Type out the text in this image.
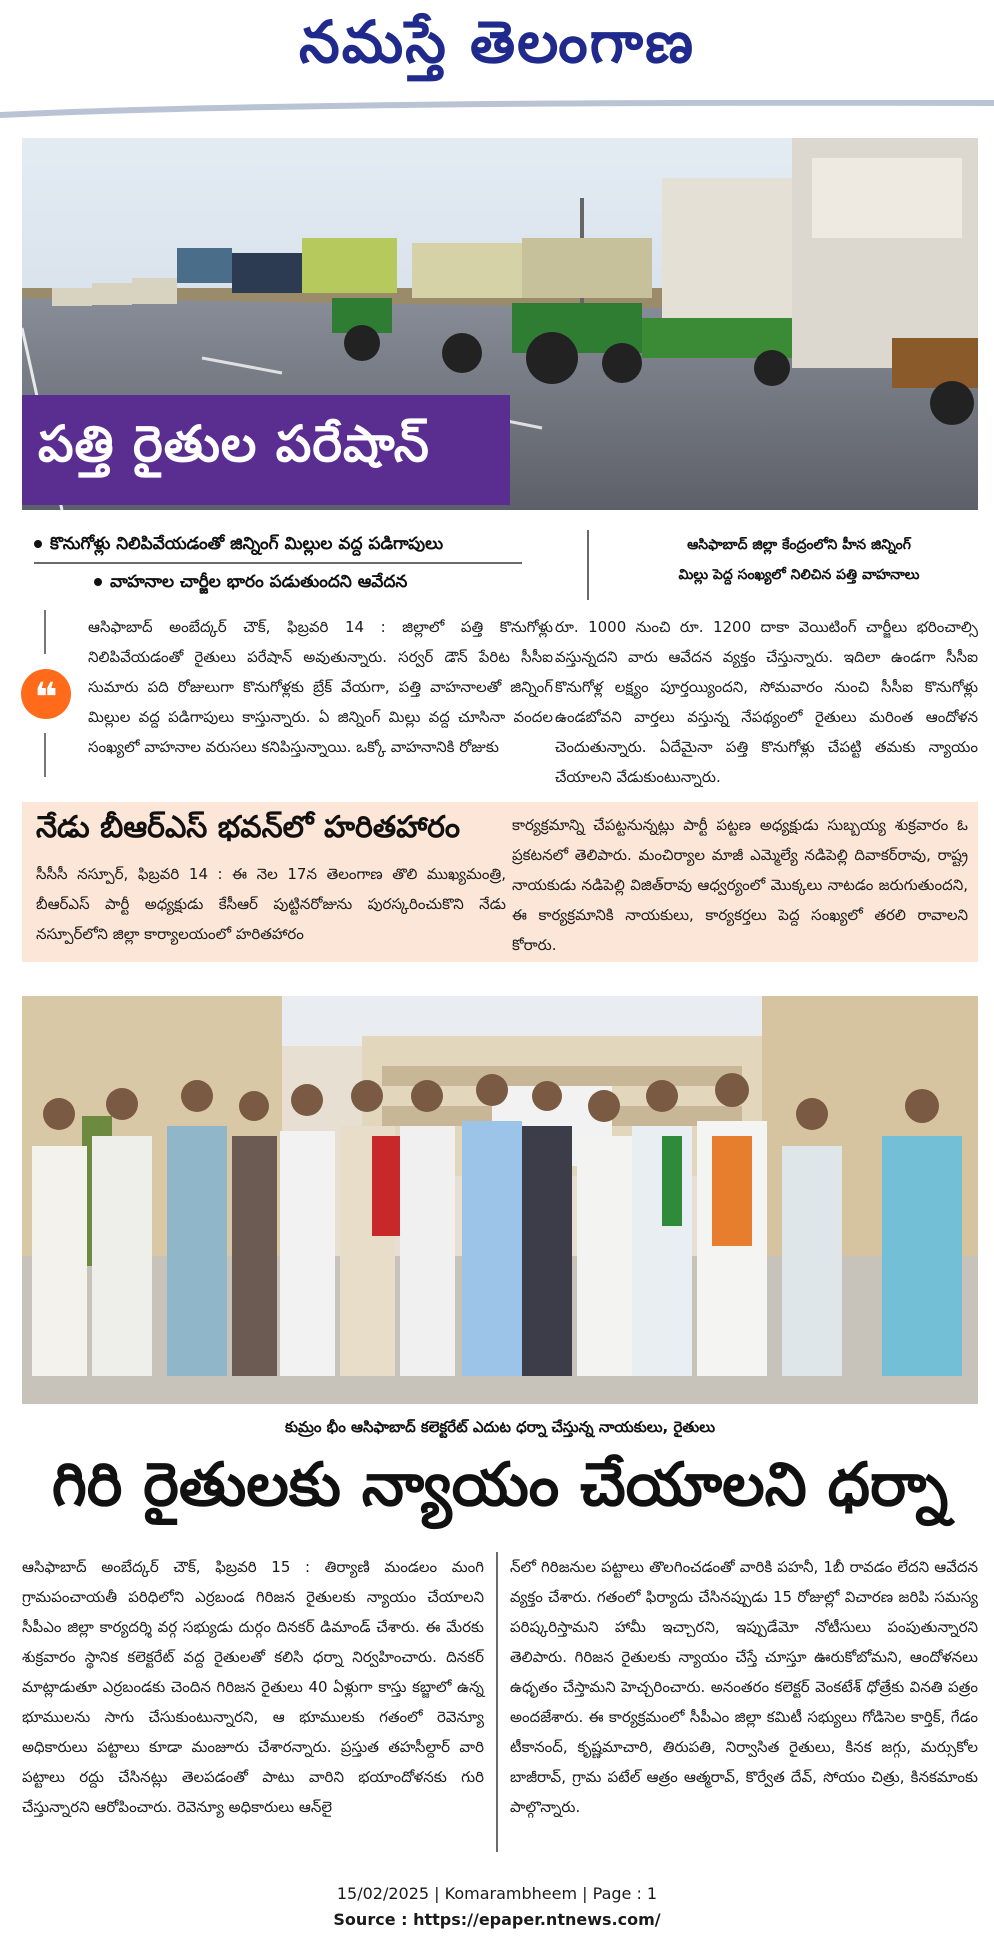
నమస్తే తెలంగాణ
పత్తి రైతుల పరేషాన్
కొనుగోళ్లు నిలిపివేయడంతో జిన్నింగ్ మిల్లుల వద్ద పడిగాపులు
వాహనాల చార్జీల భారం పడుతుందని ఆవేదన
ఆసిఫాబాద్ జిల్లా కేంద్రంలోని హీన జిన్నింగ్
మిల్లు పెద్ద సంఖ్యలో నిలిచిన పత్తి వాహనాలు
❝
ఆసిఫాబాద్ అంబేద్కర్ చౌక్, ఫిబ్రవరి 14 : జిల్లాలో పత్తి కొనుగోళ్లు నిలిపివేయడంతో రైతులు పరేషాన్ అవుతున్నారు. సర్వర్ డౌన్ పేరిట సీసీఐ సుమారు పది రోజులుగా కొనుగోళ్లకు బ్రేక్ వేయగా, పత్తి వాహనాలతో జిన్నింగ్ మిల్లుల వద్ద పడిగాపులు కాస్తున్నారు. ఏ జిన్నింగ్ మిల్లు వద్ద చూసినా వందల సంఖ్యలో వాహనాల వరుసలు కనిపిస్తున్నాయి. ఒక్కో వాహనానికి రోజుకు
రూ. 1000 నుంచి రూ. 1200 దాకా వెయిటింగ్ చార్జీలు భరించాల్సి వస్తున్నదని వారు ఆవేదన వ్యక్తం చేస్తున్నారు. ఇదిలా ఉండగా సీసీఐ కొనుగోళ్ల లక్ష్యం పూర్తయ్యిందని, సోమవారం నుంచి సీసీఐ కొనుగోళ్లు ఉండబోవని వార్తలు వస్తున్న నేపథ్యంలో రైతులు మరింత ఆందోళన చెందుతున్నారు. ఏదేమైనా పత్తి కొనుగోళ్లు చేపట్టి తమకు న్యాయం చేయాలని వేడుకుంటున్నారు.
నేడు బీఆర్ఎస్ భవన్‌లో హరితహారం
సీసీసీ నస్పూర్, ఫిబ్రవరి 14 : ఈ నెల 17న తెలంగాణ తొలి ముఖ్యమంత్రి, బీఆర్ఎస్ పార్టీ అధ్యక్షుడు కేసీఆర్ పుట్టినరోజును పురస్కరించుకొని నేడు నస్పూర్‌లోని జిల్లా కార్యాలయంలో హరితహారం
కార్యక్రమాన్ని చేపట్టనున్నట్లు పార్టీ పట్టణ అధ్యక్షుడు సుబ్బయ్య శుక్రవారం ఓ ప్రకటనలో తెలిపారు. మంచిర్యాల మాజీ ఎమ్మెల్యే నడిపెల్లి దివాకర్‌రావు, రాష్ట్ర నాయకుడు నడిపెల్లి విజిత్‌రావు ఆధ్వర్యంలో మొక్కలు నాటడం జరుగుతుందని, ఈ కార్యక్రమానికి నాయకులు, కార్యకర్తలు పెద్ద సంఖ్యలో తరలి రావాలని కోరారు.
కుమ్రం భీం ఆసిఫాబాద్ కలెక్టరేట్ ఎదుట ధర్నా చేస్తున్న నాయకులు, రైతులు
గిరి రైతులకు న్యాయం చేయాలని ధర్నా
ఆసిఫాబాద్ అంబేద్కర్ చౌక్, ఫిబ్రవరి 15 : తిర్యాణి మండలం మంగి గ్రామపంచాయతీ పరిధిలోని ఎర్రబండ గిరిజన రైతులకు న్యాయం చేయాలని సీపీఎం జిల్లా కార్యదర్శి వర్గ సభ్యుడు దుర్గం దినకర్ డిమాండ్ చేశారు. ఈ మేరకు శుక్రవారం స్థానిక కలెక్టరేట్ వద్ద రైతులతో కలిసి ధర్నా నిర్వహించారు. దినకర్ మాట్లాడుతూ ఎర్రబండకు చెందిన గిరిజన రైతులు 40 ఏళ్లుగా కాస్తు కబ్జాలో ఉన్న భూములను సాగు చేసుకుంటున్నారని, ఆ భూములకు గతంలో రెవెన్యూ అధికారులు పట్టాలు కూడా మంజూరు చేశారన్నారు. ప్రస్తుత తహసీల్దార్ వారి పట్టాలు రద్దు చేసినట్లు తెలపడంతో పాటు వారిని భయాందోళనకు గురి చేస్తున్నారని ఆరోపించారు. రెవెన్యూ అధికారులు ఆన్‌లై
న్‌లో గిరిజనుల పట్టాలు తొలగించడంతో వారికి పహనీ, 1బీ రావడం లేదని ఆవేదన వ్యక్తం చేశారు. గతంలో ఫిర్యాదు చేసినప్పుడు 15 రోజుల్లో విచారణ జరిపి సమస్య పరిష్కరిస్తామని హామీ ఇచ్చారని, ఇప్పుడేమో నోటీసులు పంపుతున్నారని తెలిపారు. గిరిజన రైతులకు న్యాయం చేస్తే చూస్తూ ఊరుకోబోమని, ఆందోళనలు ఉధృతం చేస్తామని హెచ్చరించారు. అనంతరం కలెక్టర్ వెంకటేశ్ ధోత్రేకు వినతి పత్రం అందజేశారు. ఈ కార్యక్రమంలో సీపీఎం జిల్లా కమిటీ సభ్యులు గోడిసెల కార్తిక్, గేడం టీకానంద్, కృష్ణమాచారి, తిరుపతి, నిర్వాసిత రైతులు, కినక జగ్గు, మర్సుకోల బాజీరావ్, గ్రామ పటేల్ ఆత్రం ఆత్మరావ్, కొర్వేత దేవ్, సోయం చిత్రు, కినకమాంకు పాల్గొన్నారు.
15/02/2025 | Komarambheem | Page : 1
Source : https://epaper.ntnews.com/
